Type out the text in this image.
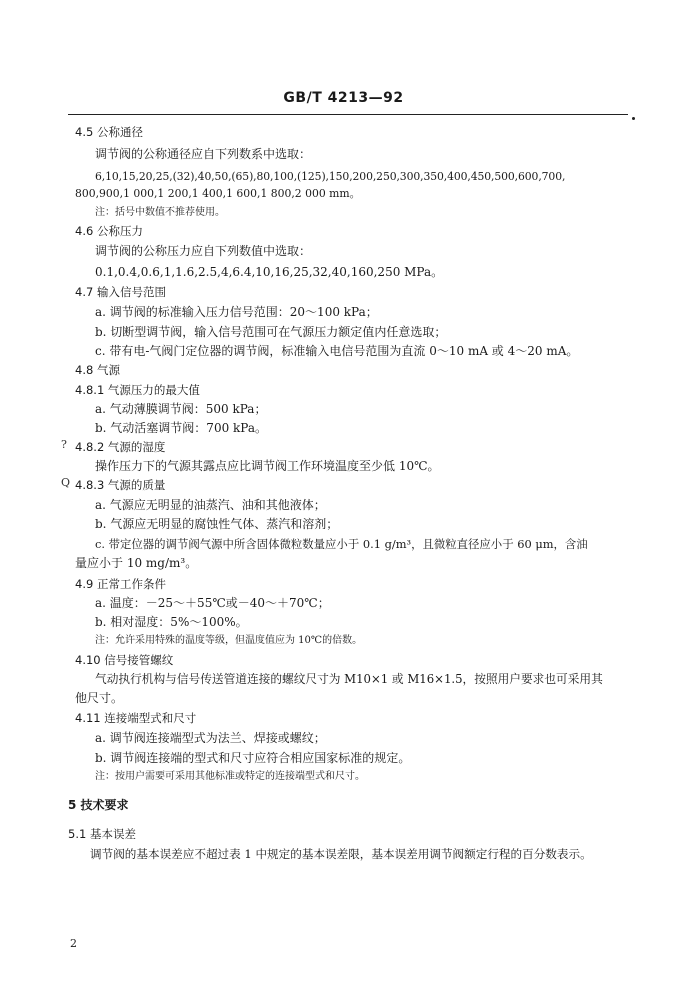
GB/T 4213—92
4.5 公称通径
调节阀的公称通径应自下列数系中选取：
6,10,15,20,25,(32),40,50,(65),80,100,(125),150,200,250,300,350,400,450,500,600,700,
800,900,1 000,1 200,1 400,1 600,1 800,2 000 mm。
注：括号中数值不推荐使用。
4.6 公称压力
调节阀的公称压力应自下列数值中选取：
0.1,0.4,0.6,1,1.6,2.5,4,6.4,10,16,25,32,40,160,250 MPa。
4.7 输入信号范围
a. 调节阀的标准输入压力信号范围：20～100 kPa；
b. 切断型调节阀，输入信号范围可在气源压力额定值内任意选取；
c. 带有电-气阀门定位器的调节阀，标准输入电信号范围为直流 0～10 mA 或 4～20 mA。
4.8 气源
4.8.1 气源压力的最大值
a. 气动薄膜调节阀：500 kPa；
b. 气动活塞调节阀：700 kPa。
? 4.8.2 气源的湿度
操作压力下的气源其露点应比调节阀工作环境温度至少低 10℃。
Q 4.8.3 气源的质量
a. 气源应无明显的油蒸汽、油和其他液体；
b. 气源应无明显的腐蚀性气体、蒸汽和溶剂；
c. 带定位器的调节阀气源中所含固体微粒数量应小于 0.1 g/m³，且微粒直径应小于 60 μm，含油
量应小于 10 mg/m³。
4.9 正常工作条件
a. 温度：－25～＋55℃或－40～＋70℃；
b. 相对湿度：5%～100%。
注：允许采用特殊的温度等级，但温度值应为 10℃的倍数。
4.10 信号接管螺纹
气动执行机构与信号传送管道连接的螺纹尺寸为 M10×1 或 M16×1.5，按照用户要求也可采用其
他尺寸。
4.11 连接端型式和尺寸
a. 调节阀连接端型式为法兰、焊接或螺纹；
b. 调节阀连接端的型式和尺寸应符合相应国家标准的规定。
注：按用户需要可采用其他标准或特定的连接端型式和尺寸。
5 技术要求
5.1 基本误差
调节阀的基本误差应不超过表 1 中规定的基本误差限，基本误差用调节阀额定行程的百分数表示。
2
